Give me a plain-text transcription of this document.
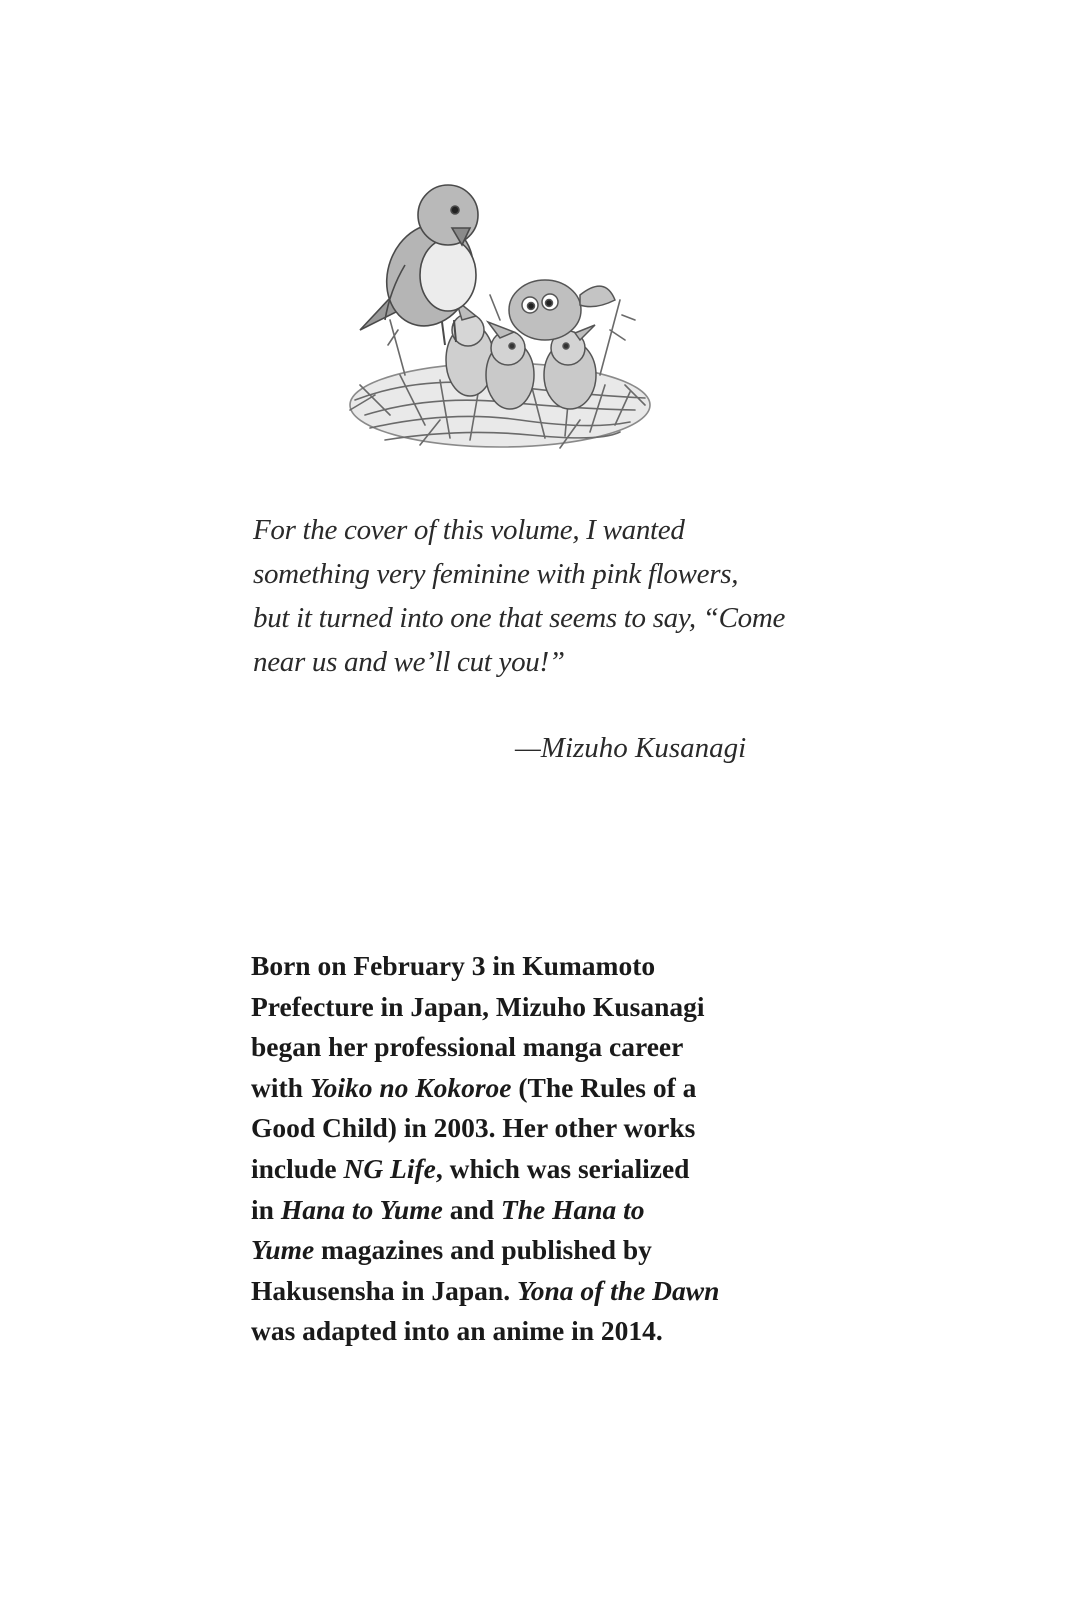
For the cover of this volume, I wanted

something very feminine with pink flowers,

but it turned into one that seems to say, “Come

near us and we’ll cut you!”

—Mizuho Kusanagi

Born on February 3 in Kumamoto

Prefecture in Japan, Mizuho Kusanagi

began her professional manga career

with Yoiko no Kokoroe (The Rules of a

Good Child) in 2003. Her other works

include NG Life, which was serialized

in Hana to Yume and The Hana to

Yume magazines and published by

Hakusensha in Japan. Yona of the Dawn

was adapted into an anime in 2014.
